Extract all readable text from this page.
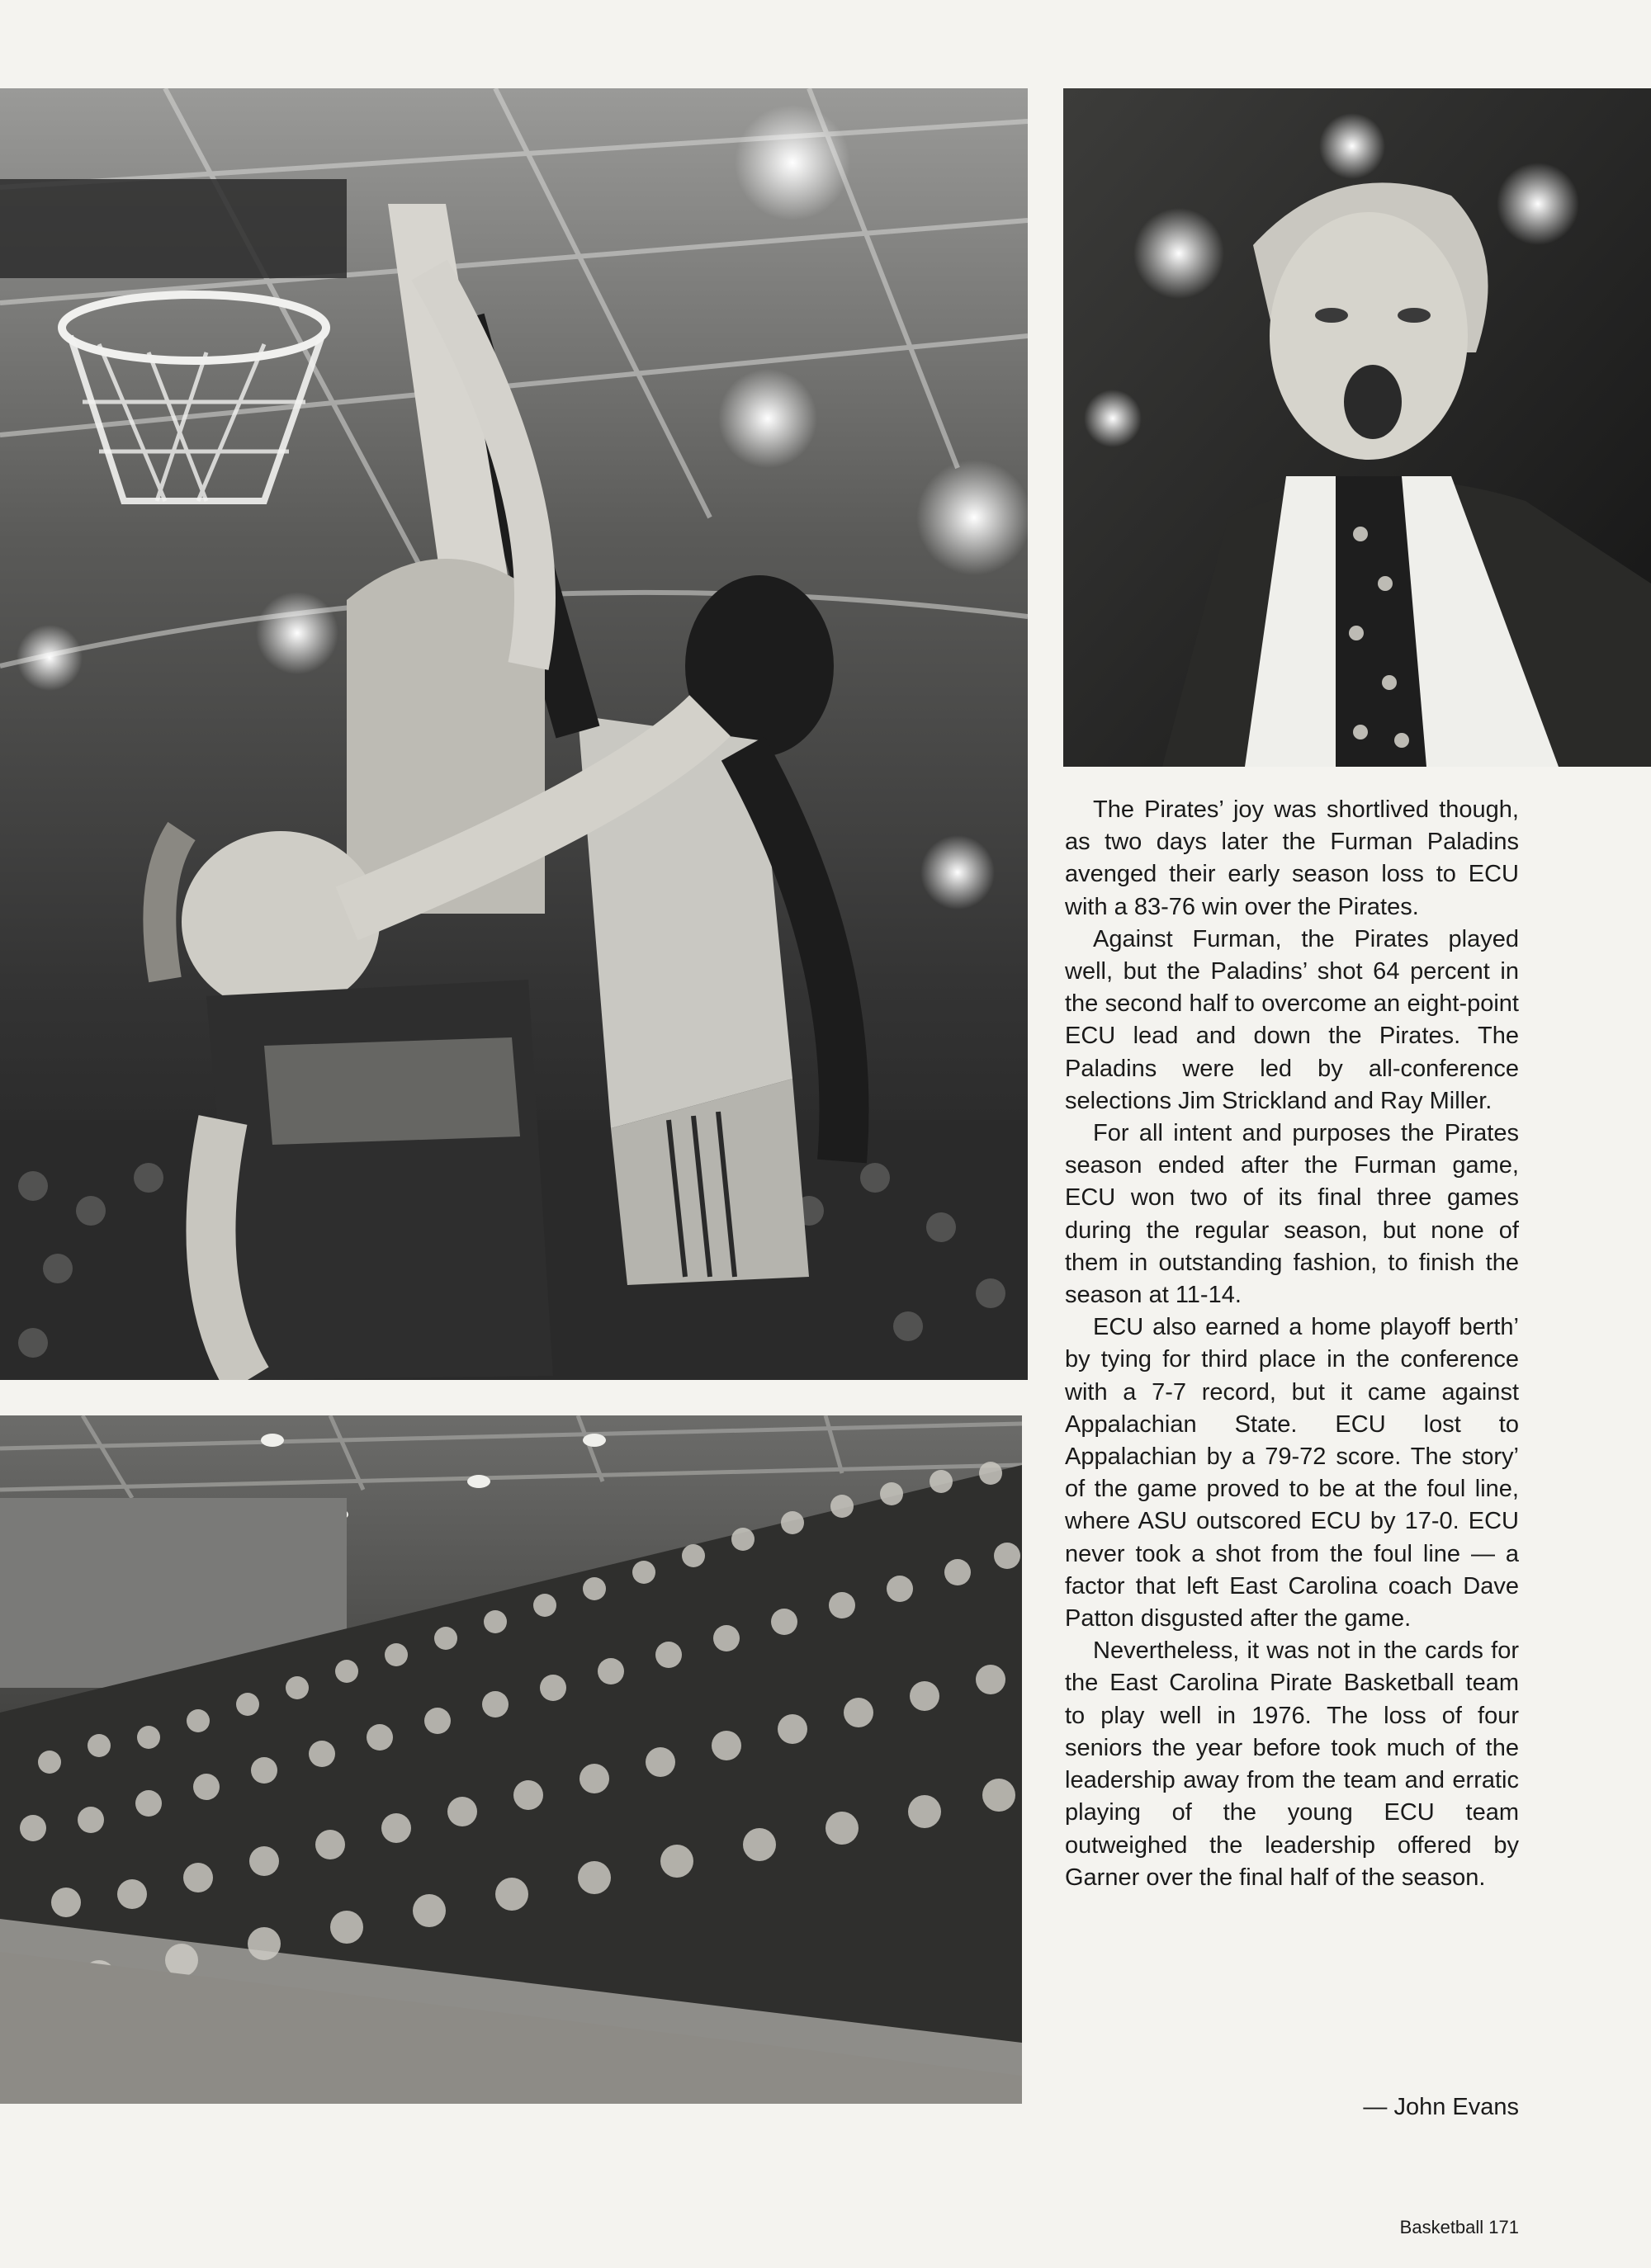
The Pirates’ joy was shortlived though, as two days later the Furman Paladins avenged their early season loss to ECU with a 83-76 win over the Pirates.

Against Furman, the Pirates played well, but the Paladins’ shot 64 percent in the second half to overcome an eight-point ECU lead and down the Pirates. The Paladins were led by all-conference selections Jim Strickland and Ray Miller.

For all intent and purposes the Pirates season ended after the Furman game, ECU won two of its final three games during the regular season, but none of them in outstanding fashion, to finish the season at 11-14.

ECU also earned a home playoff berth’ by tying for third place in the conference with a 7-7 record, but it came against Appalachian State. ECU lost to Appalachian by a 79-72 score. The story’ of the game proved to be at the foul line, where ASU outscored ECU by 17-0. ECU never took a shot from the foul line — a factor that left East Carolina coach Dave Patton disgusted after the game.

Nevertheless, it was not in the cards for the East Carolina Pirate Basketball team to play well in 1976. The loss of four seniors the year before took much of the leadership away from the team and erratic playing of the young ECU team outweighed the leadership offered by Garner over the final half of the season.

— John Evans
Basketball 171
